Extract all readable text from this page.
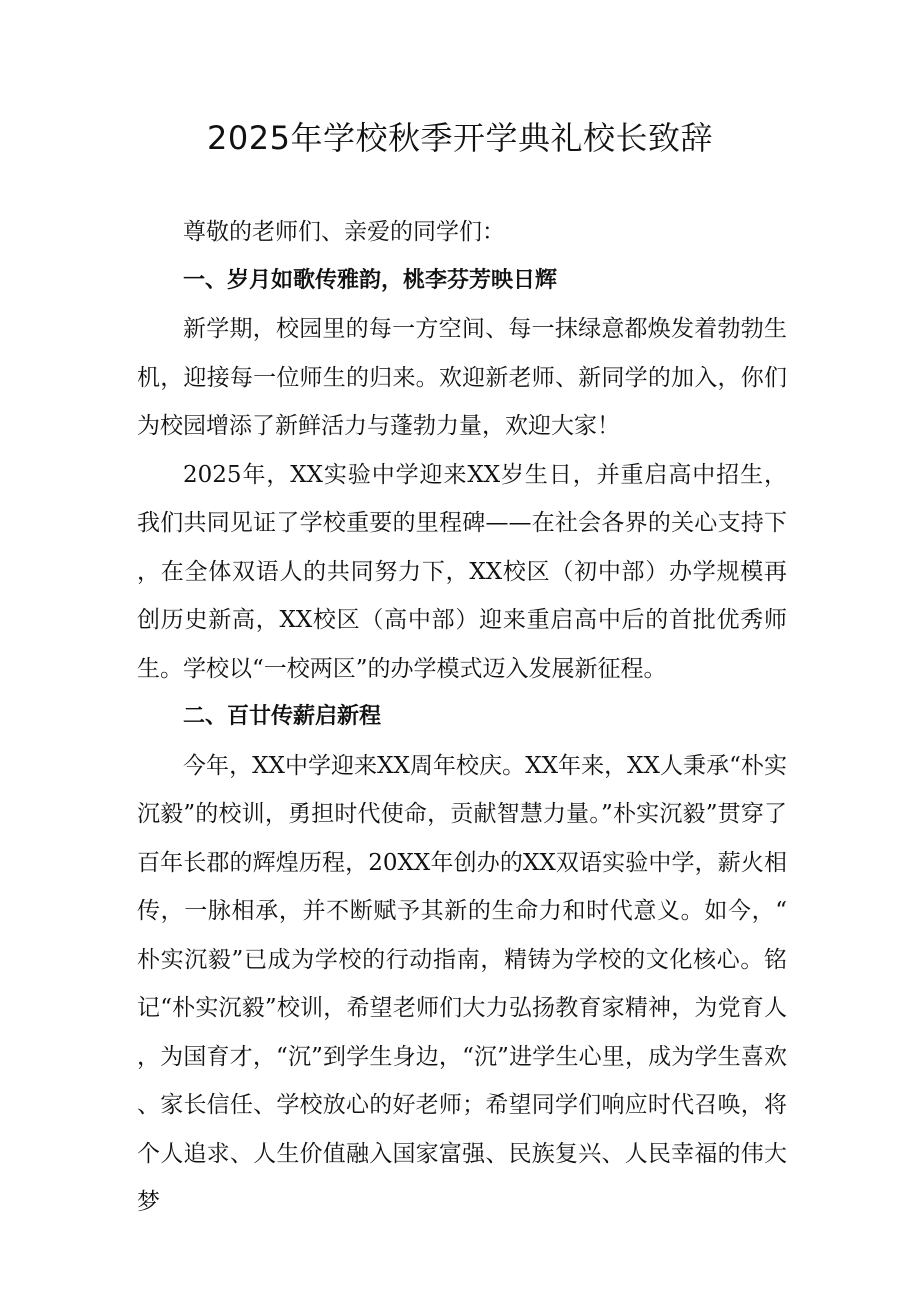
2025年学校秋季开学典礼校长致辞

尊敬的老师们、亲爱的同学们：

一、岁月如歌传雅韵，桃李芬芳映日辉

新学期，校园里的每一方空间、每一抹绿意都焕发着勃勃生机，迎接每一位师生的归来。欢迎新老师、新同学的加入，你们为校园增添了新鲜活力与蓬勃力量，欢迎大家！

2025年，XX实验中学迎来XX岁生日，并重启高中招生，我们共同见证了学校重要的里程碑——在社会各界的关心支持下，在全体双语人的共同努力下，XX校区（初中部）办学规模再创历史新高，XX校区（高中部）迎来重启高中后的首批优秀师生。学校以“一校两区”的办学模式迈入发展新征程。

二、百廿传薪启新程

今年，XX中学迎来XX周年校庆。XX年来，XX人秉承“朴实沉毅”的校训，勇担时代使命，贡献智慧力量。”朴实沉毅”贯穿了百年长郡的辉煌历程，20XX年创办的XX双语实验中学，薪火相传，一脉相承，并不断赋予其新的生命力和时代意义。如今，“朴实沉毅”已成为学校的行动指南，精铸为学校的文化核心。铭记“朴实沉毅”校训，希望老师们大力弘扬教育家精神，为党育人，为国育才，“沉”到学生身边，“沉”进学生心里，成为学生喜欢、家长信任、学校放心的好老师；希望同学们响应时代召唤，将个人追求、人生价值融入国家富强、民族复兴、人民幸福的伟大梦
